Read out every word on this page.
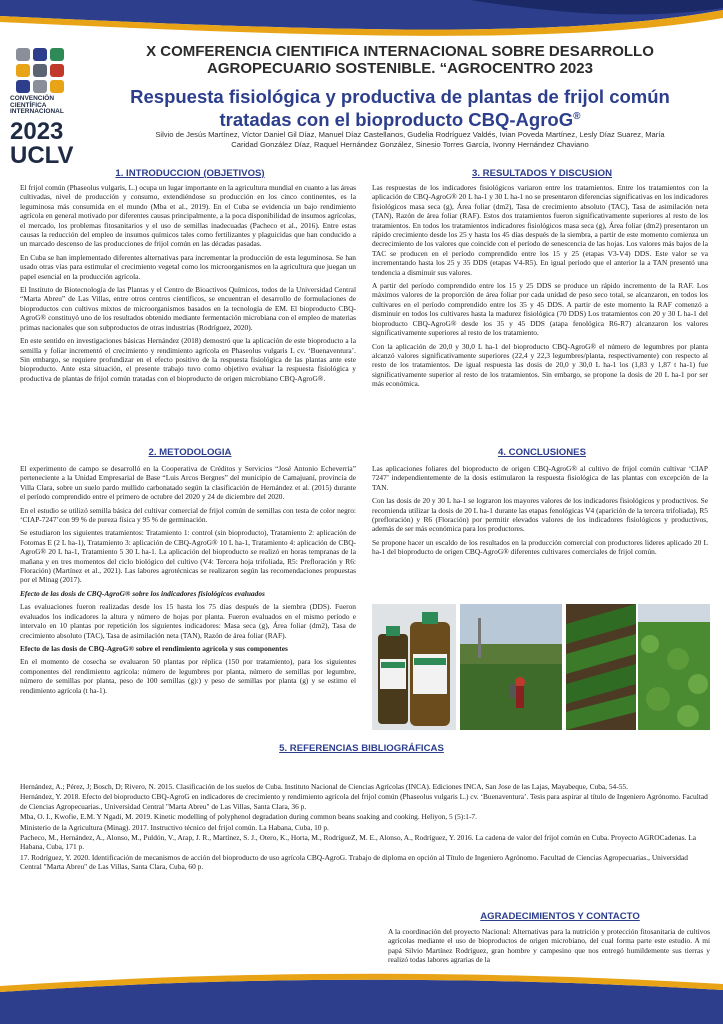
CONVENCIÓN
CIENTÍFICA
INTERNACIONAL
2023
UCLV
X COMFERENCIA CIENTIFICA INTERNACIONAL SOBRE DESARROLLO
AGROPECUARIO SOSTENIBLE. “AGROCENTRO 2023
Respuesta fisiológica y productiva de plantas de frijol común
tratadas con el bioproducto CBQ-AgroG®
Silvio de Jesús Martínez, Víctor Daniel Gil Díaz, Manuel Díaz Castellanos, Gudelia Rodríguez Valdés, Ivian Poveda Martínez, Lesly Díaz Suarez, María
Caridad González Díaz, Raquel Hernández González, Sinesio Torres García, Ivonny Hernández Chaviano
1. INTRODUCCION (OBJETIVOS)
2. METODOLOGIA
3. RESULTADOS Y DISCUSION
4. CONCLUSIONES
5. REFERENCIAS BIBLIOGRÁFICAS
AGRADECIMIENTOS Y CONTACTO

El frijol común (Phaseolus vulgaris, L.) ocupa un lugar importante en la agricultura mundial en cuanto a las áreas cultivadas, nivel de producción y consumo, extendiéndose su producción en los cinco continentes, es la leguminosa más consumida en el mundo (Mba et al., 2019). En el Cuba se evidencia un bajo rendimiento agrícola en general motivado por diferentes causas principalmente, a la poca disponibilidad de insumos agrícolas, el mercado, los problemas fitosanitarios y el uso de semillas inadecuadas (Pacheco et al., 2016). Entre estas causas la reducción del empleo de insumos químicos tales como fertilizantes y plaguicidas que han conducido a un marcado descenso de las producciones de frijol común en las décadas pasadas.

En Cuba se han implementado diferentes alternativas para incrementar la producción de esta leguminosa. Se han usado otras vías para estimular el crecimiento vegetal como los microorganismos en la agricultura que juegan un papel esencial en la producción agrícola.

El Instituto de Biotecnología de las Plantas y el Centro de Bioactivos Químicos, todos de la Universidad Central “Marta Abreu” de Las Villas, entre otros centros científicos, se encuentran el desarrollo de formulaciones de bioproductos con cultivos mixtos de microorganismos basados en la tecnología de EM. El bioproducto CBQ-AgroG® constituyó uno de los resultados obtenido mediante fermentación microbiana con el empleo de materias primas nacionales que son subproductos de otras industrias (Rodríguez, 2020).

En este sentido en investigaciones básicas Hernández (2018) demostró que la aplicación de este bioproducto a la semilla y foliar incrementó el crecimiento y rendimiento agrícola en Phaseolus vulgaris L cv. ‘Buenaventura’. Sin embargo, se requiere profundizar en el efecto positivo de la respuesta fisiológica de las plantas ante este bioproducto. Ante esta situación, el presente trabajo tuvo como objetivo evaluar la respuesta fisiológica y productiva de plantas de frijol común tratadas con el bioproducto de origen microbiano CBQ-AgroG®.

El experimento de campo se desarrolló en la Cooperativa de Créditos y Servicios “José Antonio Echeverría” perteneciente a la Unidad Empresarial de Base “Luis Arcos Bergnes” del municipio de Camajuaní, provincia de Villa Clara, sobre un suelo pardo mullido carbonatado según la clasificación de Hernández et al. (2015) durante el período comprendido entre el primero de octubre del 2020 y 24 de diciembre del 2020.

En el estudio se utilizó semilla básica del cultivar comercial de frijol común de semillas con testa de color negro: ‘CIAP-7247’con 99 % de pureza física y 95 % de germinación.

Se estudiaron los siguientes tratamientos: Tratamiento 1: control (sin bioproducto), Tratamiento 2: aplicación de Fotomas E (2 L ha-1), Tratamiento 3: aplicación de CBQ-AgroG® 10 L ha-1, Tratamiento 4: aplicación de CBQ-AgroG® 20 L ha-1, Tratamiento 5 30 L ha-1. La aplicación del bioproducto se realizó en horas tempranas de la mañana y en tres momentos del ciclo biológico del cultivo (V4: Tercera hoja trifoliada, R5: Prefloración y R6: Floración) (Martínez et al., 2021). Las labores agrotécnicas se realizaron según las recomendaciones propuestas por el Minag (2017).

Efecto de las dosis de CBQ-AgroG® sobre los indicadores fisiológicos evaluados

Las evaluaciones fueron realizadas desde los 15 hasta los 75 días después de la siembra (DDS). Fueron evaluados los indicadores la altura y número de hojas por planta. Fueron evaluados en el mismo período e intervalo en 10 plantas por repetición los siguientes indicadores: Masa seca (g), Área foliar (dm2), Tasa de crecimiento absoluto (TAC), Tasa de asimilación neta (TAN), Razón de área foliar (RAF).

Efecto de las dosis de CBQ-AgroG® sobre el rendimiento agrícola y sus componentes

En el momento de cosecha se evaluaron 50 plantas por réplica (150 por tratamiento), para los siguientes componentes del rendimiento agrícola: número de legumbres por planta, número de semillas por legumbre, número de semillas por planta, peso de 100 semillas (g):) y peso de semillas por planta (g) y se estimo el rendimiento agrícola (t ha-1).

Las respuestas de los indicadores fisiológicos variaron entre los tratamientos. Entre los tratamientos con la aplicación de CBQ-AgroG® 20 L ha-1 y 30 L ha-1 no se presentaron diferencias significativas en los indicadores fisiológicos masa seca (g), Área foliar (dm2), Tasa de crecimiento absoluto (TAC), Tasa de asimilación neta (TAN), Razón de área foliar (RAF). Estos dos tratamientos fueron significativamente superiores al resto de los tratamientos. En todos los tratamientos indicadores fisiológicos masa seca (g), Área foliar (dm2) presentaron un rápido crecimiento desde los 25 y hasta los 45 días después de la siembra, a partir de este momento comienza un decrecimiento de los valores que coincide con el período de senescencia de las hojas. Los valores más bajos de la TAC se producen en el período comprendido entre los 15 y 25 (etapas V3-V4) DDS. Este valor se va incrementando hasta los 25 y 35 DDS (etapas V4-R5). En igual período que el anterior la a TAN presentó una tendencia a disminuir sus valores.

A partir del período comprendido entre los 15 y 25 DDS se produce un rápido incremento de la RAF. Los máximos valores de la proporción de área foliar por cada unidad de peso seco total, se alcanzaron, en todos los cultivares en el período comprendido entre los 35 y 45 DDS. A partir de este momento la RAF comenzó a disminuir en todos los cultivares hasta la madurez fisiológica (70 DDS) Los tratamientos con 20 y 30 L ha-1 del bioproducto CBQ-AgroG® desde los 35 y 45 DDS (atapa fenológica R6-R7) alcanzaron los valores significativamente superiores al resto de los tratamiento.

Con la aplicación de 20,0 y 30,0 L ha-1 del bioproducto CBQ-AgroG® el número de legumbres por planta alcanzó valores significativamente superiores (22,4 y 22,3 legumbres/planta, respectivamente) con respecto al resto de los tratamientos. De igual respuesta las dosis de 20,0 y 30,0 L ha-1 los (1,83 y 1,87 t ha-1) fue significativamente superior al resto de los tratamientos. Sin embargo, se propone la dosis de 20 L ha-1 por ser más económica.

Las aplicaciones foliares del bioproducto de origen CBQ-AgroG® al cultivo de frijol común cultivar ‘CIAP 7247’ independientemente de la dosis estimularon la respuesta fisiológica de las plantas con excepción de la TAN.

Con las dosis de 20 y 30 L ha-1 se lograron los mayores valores de los indicadores fisiológicos y productivos. Se recomienda utilizar la dosis de 20 L ha-1 durante las etapas fenológicas V4 (aparición de la tercera trifoliada), R5 (prefloración) y R6 (Floración) por permitir elevados valores de los indicadores fisiológicos y productivos, además de ser más económica para los productores.

Se propone hacer un escaldo de los resultados en la producción comercial con productores lideres aplicado 20 L ha-1 del bioproducto de origen CBQ-AgroG® diferentes cultivares comerciales de frijol común.

Hernández, A.; Pérez, J; Bosch, D; Rivero, N. 2015. Clasificación de los suelos de Cuba. Instituto Nacional de Ciencias Agrícolas (INCA). Ediciones INCA, San Jose de las Lajas, Mayabeque, Cuba, 54-55.

Hernández, Y. 2018. Efecto del bioproducto CBQ-AgroG en indicadores de crecimiento y rendimiento agrícola del frijol común (Phaseolus vulgaris L.) cv. ‘Buenaventura’. Tesis para aspirar al título de Ingeniero Agrónomo. Facultad de Ciencias Agropecuarias., Universidad Central "Marta Abreu" de Las Villas, Santa Clara, 36 p.

Mba, O. I., Kwofie, E.M. Y Ngadi, M. 2019. Kinetic modelling of polyphenol degradation during common beans soaking and cooking. Heliyon, 5 (5):1-7.

Ministerio de la Agricultura (Minag). 2017. Instructivo técnico del frijol común. La Habana, Cuba, 10 p.

Pacheco, M., Hernández, A., Alonso, M., Puldón, V., Arap, J. R., Martínez, S. J., Otero, K., Horta, M., RodrígueZ, M. E., Alonso, A., Rodríguez, Y. 2016. La cadena de valor del frijol común en Cuba. Proyecto AGROCadenas. La Habana, Cuba, 171 p.

17. Rodríguez, Y. 2020. Identificación de mecanismos de acción del bioproducto de uso agrícola CBQ-AgroG. Trabajo de diploma en opción al Título de Ingeniero Agrónomo. Facultad de Ciencias Agropecuarias., Universidad Central "Marta Abreu" de Las Villas, Santa Clara, Cuba, 60 p.

A la coordinación del proyecto Nacional: Alternativas para la nutrición y protección fitosanitaria de cultivos agrícolas mediante el uso de bioproductos de origen microbiano, del cual forma parte este estudio. A mi papá Silvio Martínez Rodríguez, gran hombre y campesino que nos entregó humildemente sus tierras y realizó todas labores agrarias de la
